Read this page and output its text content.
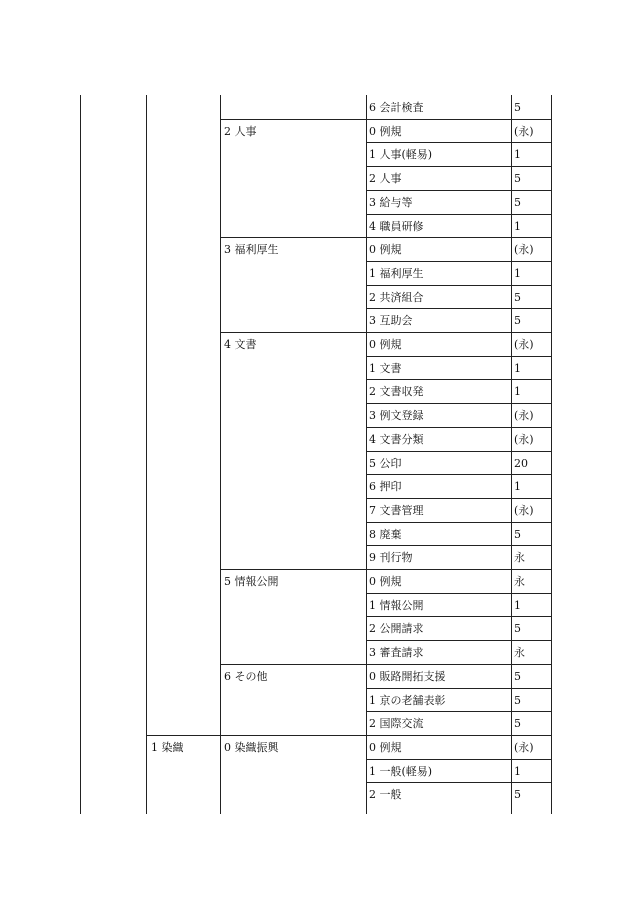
6 会計検査	5
2 人事	0 例規	(永)
1 人事(軽易)	1
2 人事	5
3 給与等	5
4 職員研修	1
3 福利厚生	0 例規	(永)
1 福利厚生	1
2 共済組合	5
3 互助会	5
4 文書	0 例規	(永)
1 文書	1
2 文書収発	1
3 例文登録	(永)
4 文書分類	(永)
5 公印	20
6 押印	1
7 文書管理	(永)
8 廃棄	5
9 刊行物	永
5 情報公開	0 例規	永
1 情報公開	1
2 公開請求	5
3 審査請求	永
6 その他	0 販路開拓支援	5
1 京の老舗表彰	5
2 国際交流	5
1 染織	0 染織振興	0 例規	(永)
1 一般(軽易)	1
2 一般	5
